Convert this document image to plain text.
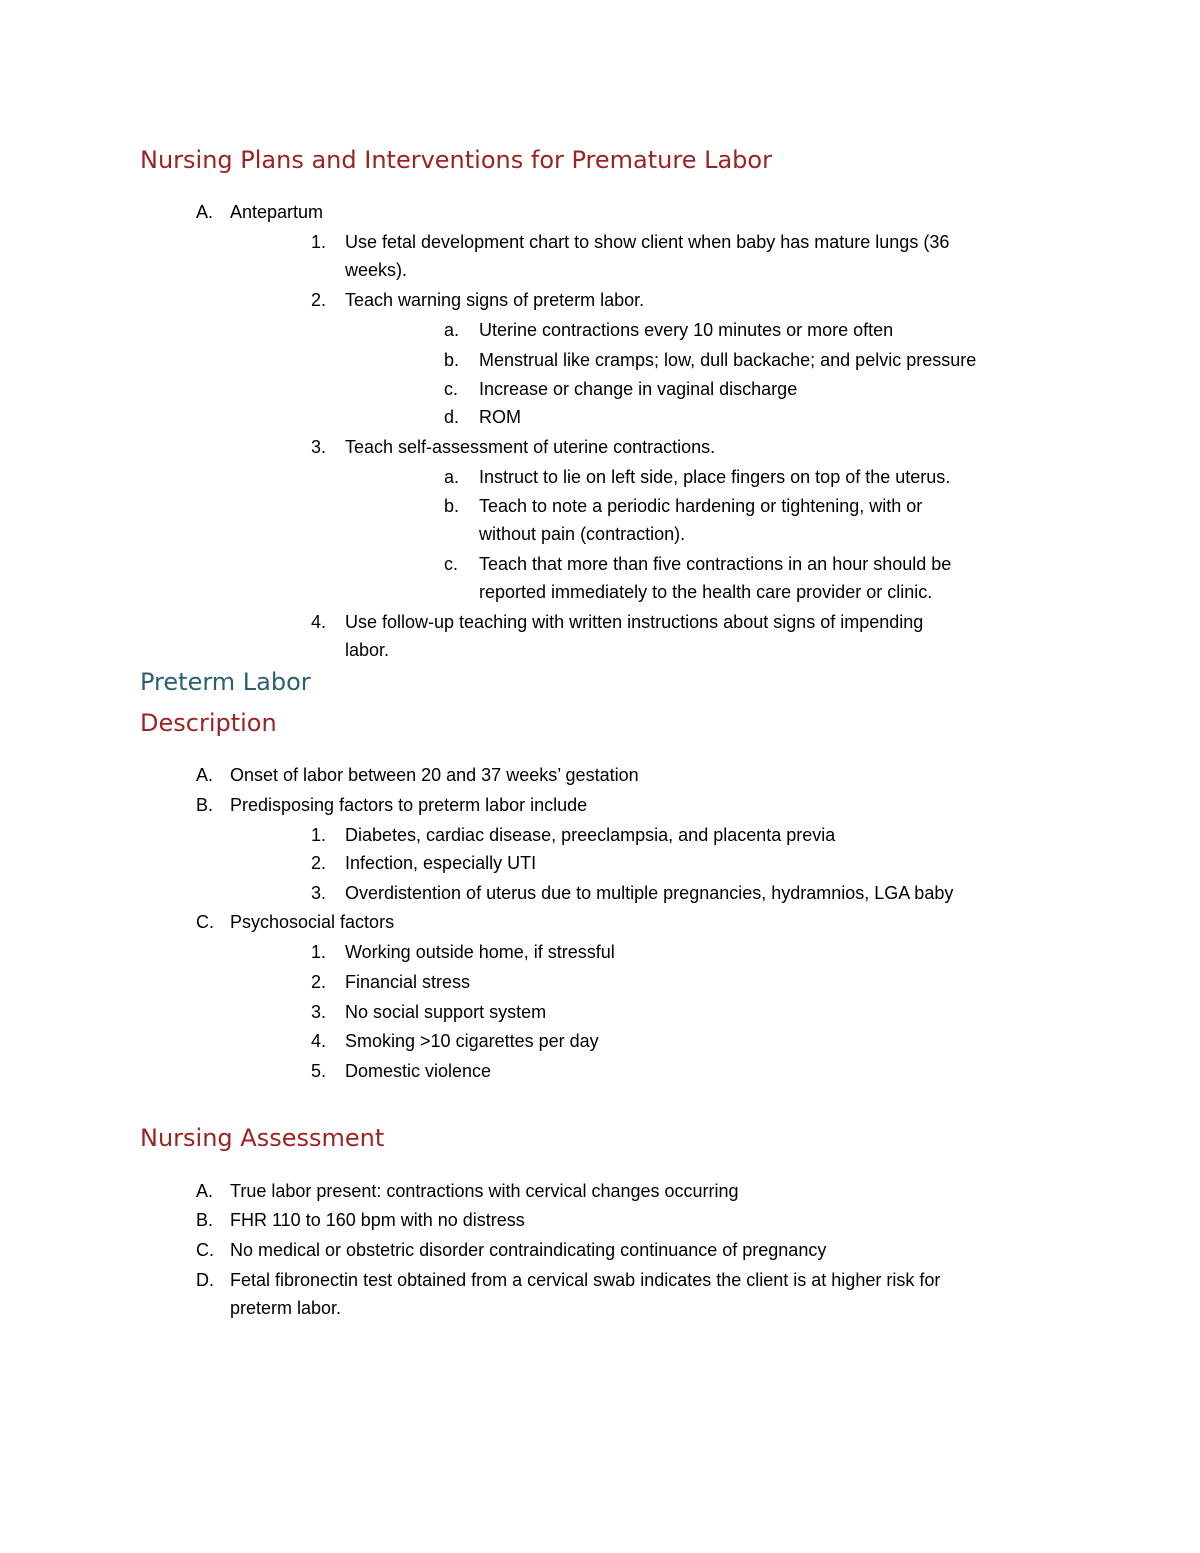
Nursing Plans and Interventions for Premature Labor
A. Antepartum
1. Use fetal development chart to show client when baby has mature lungs (36
weeks).
2. Teach warning signs of preterm labor.
a. Uterine contractions every 10 minutes or more often
b. Menstrual like cramps; low, dull backache; and pelvic pressure
c. Increase or change in vaginal discharge
d. ROM
3. Teach self-assessment of uterine contractions.
a. Instruct to lie on left side, place fingers on top of the uterus.
b. Teach to note a periodic hardening or tightening, with or
without pain (contraction).
c. Teach that more than five contractions in an hour should be
reported immediately to the health care provider or clinic.
4. Use follow-up teaching with written instructions about signs of impending
labor.
Preterm Labor
Description
A. Onset of labor between 20 and 37 weeks’ gestation
B. Predisposing factors to preterm labor include
1. Diabetes, cardiac disease, preeclampsia, and placenta previa
2. Infection, especially UTI
3. Overdistention of uterus due to multiple pregnancies, hydramnios, LGA baby
C. Psychosocial factors
1. Working outside home, if stressful
2. Financial stress
3. No social support system
4. Smoking >10 cigarettes per day
5. Domestic violence
Nursing Assessment
A. True labor present: contractions with cervical changes occurring
B. FHR 110 to 160 bpm with no distress
C. No medical or obstetric disorder contraindicating continuance of pregnancy
D. Fetal fibronectin test obtained from a cervical swab indicates the client is at higher risk for
preterm labor.
